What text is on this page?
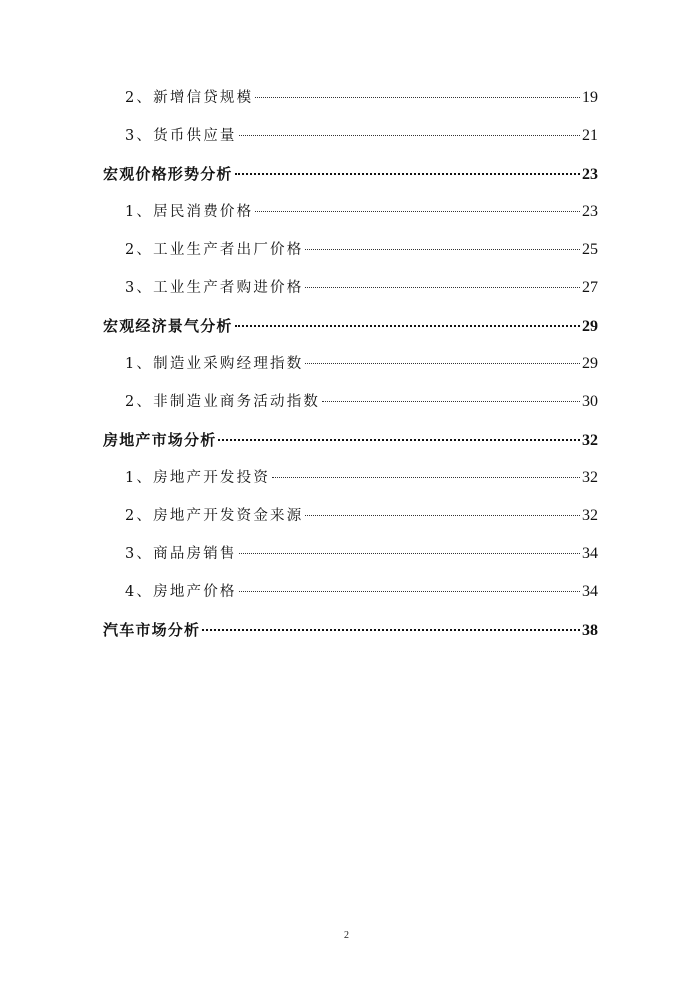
2、新增信贷规模	19
3、货币供应量	21
宏观价格形势分析	23
1、居民消费价格	23
2、工业生产者出厂价格	25
3、工业生产者购进价格	27
宏观经济景气分析	29
1、制造业采购经理指数	29
2、非制造业商务活动指数	30
房地产市场分析	32
1、房地产开发投资	32
2、房地产开发资金来源	32
3、商品房销售	34
4、房地产价格	34
汽车市场分析	38
2
